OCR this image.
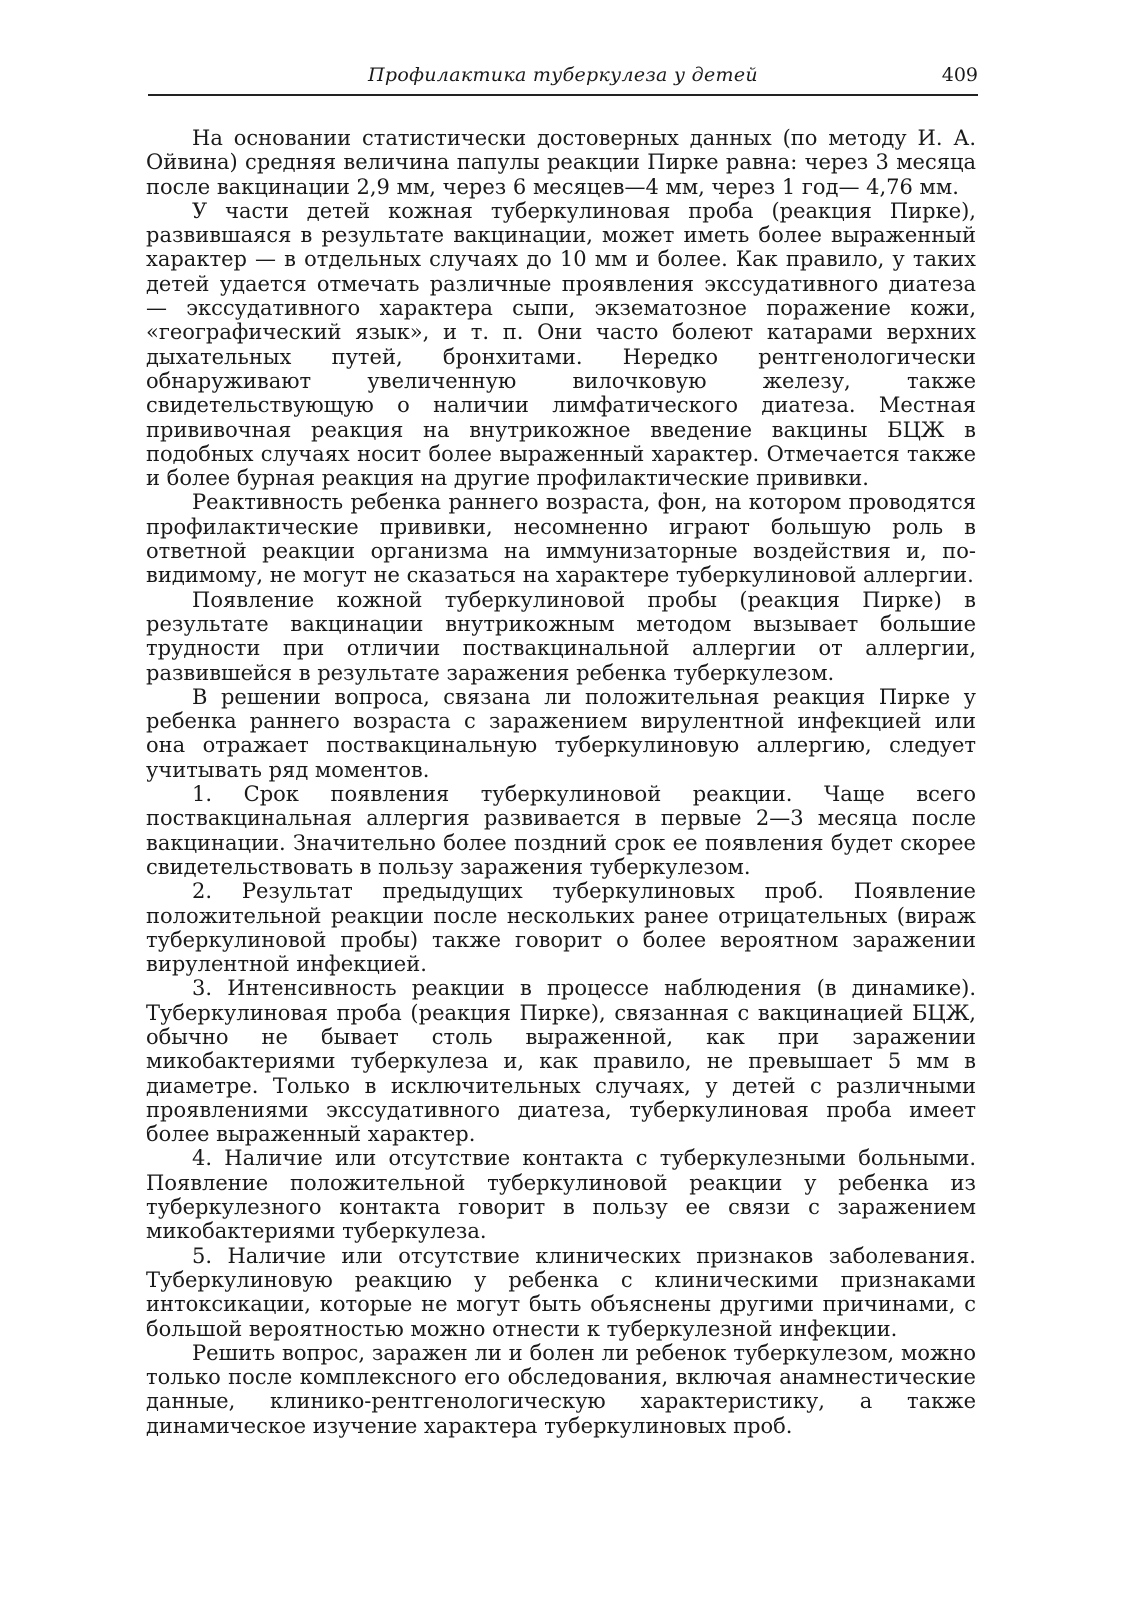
Профилактика туберкулеза у детей	409

На основании статистически достоверных данных (по методу И. А. Ойвина) средняя величина папулы реакции Пирке равна: через 3 месяца после вакцинации 2,9 мм, через 6 месяцев—4 мм, через 1 год— 4,76 мм.

У части детей кожная туберкулиновая проба (реакция Пирке), развившаяся в результате вакцинации, может иметь более выраженный характер — в отдельных случаях до 10 мм и более. Как правило, у таких детей удается отмечать различные проявления экссудативного диатеза — экссудативного характера сыпи, экзематозное поражение кожи, «географический язык», и т. п. Они часто болеют катарами верхних дыхательных путей, бронхитами. Нередко рентгенологически обнаруживают увеличенную вилочковую железу, также свидетельствующую о наличии лимфатического диатеза. Местная прививочная реакция на внутрикожное введение вакцины БЦЖ в подобных случаях носит более выраженный характер. Отмечается также и более бурная реакция на другие профилактические прививки.

Реактивность ребенка раннего возраста, фон, на котором проводятся профилактические прививки, несомненно играют большую роль в ответной реакции организма на иммунизаторные воздействия и, по-видимому, не могут не сказаться на характере туберкулиновой аллергии.

Появление кожной туберкулиновой пробы (реакция Пирке) в результате вакцинации внутрикожным методом вызывает большие трудности при отличии поствакцинальной аллергии от аллергии, развившейся в результате заражения ребенка туберкулезом.

В решении вопроса, связана ли положительная реакция Пирке у ребенка раннего возраста с заражением вирулентной инфекцией или она отражает поствакцинальную туберкулиновую аллергию, следует учитывать ряд моментов.

1. Срок появления туберкулиновой реакции. Чаще всего поствакцинальная аллергия развивается в первые 2—3 месяца после вакцинации. Значительно более поздний срок ее появления будет скорее свидетельствовать в пользу заражения туберкулезом.

2. Результат предыдущих туберкулиновых проб. Появление положительной реакции после нескольких ранее отрицательных (вираж туберкулиновой пробы) также говорит о более вероятном заражении вирулентной инфекцией.

3. Интенсивность реакции в процессе наблюдения (в динамике). Туберкулиновая проба (реакция Пирке), связанная с вакцинацией БЦЖ, обычно не бывает столь выраженной, как при заражении микобактериями туберкулеза и, как правило, не превышает 5 мм в диаметре. Только в исключительных случаях, у детей с различными проявлениями экссудативного диатеза, туберкулиновая проба имеет более выраженный характер.

4. Наличие или отсутствие контакта с туберкулезными больными. Появление положительной туберкулиновой реакции у ребенка из туберкулезного контакта говорит в пользу ее связи с заражением микобактериями туберкулеза.

5. Наличие или отсутствие клинических признаков заболевания. Туберкулиновую реакцию у ребенка с клиническими признаками интоксикации, которые не могут быть объяснены другими причинами, с большой вероятностью можно отнести к туберкулезной инфекции.

Решить вопрос, заражен ли и болен ли ребенок туберкулезом, можно только после комплексного его обследования, включая анамнестические данные, клинико-рентгенологическую характеристику, а также динамическое изучение характера туберкулиновых проб.
